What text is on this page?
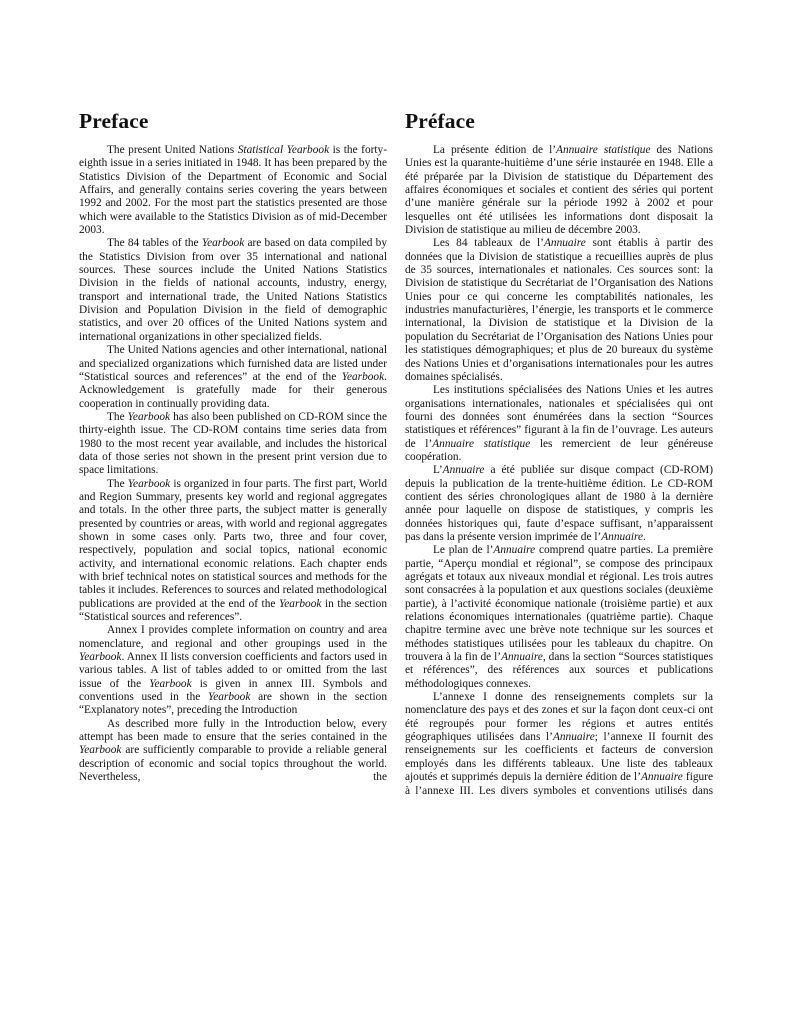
Preface

The present United Nations Statistical Yearbook is the forty-eighth issue in a series initiated in 1948. It has been prepared by the Statistics Division of the Department of Economic and Social Affairs, and generally contains series covering the years between 1992 and 2002. For the most part the statistics presented are those which were available to the Statistics Division as of mid-December 2003.

The 84 tables of the Yearbook are based on data compiled by the Statistics Division from over 35 international and national sources. These sources include the United Nations Statistics Division in the fields of national accounts, industry, energy, transport and international trade, the United Nations Statistics Division and Population Division in the field of demographic statistics, and over 20 offices of the United Nations system and international organizations in other specialized fields.

The United Nations agencies and other international, national and specialized organizations which furnished data are listed under “Statistical sources and references” at the end of the Yearbook. Acknowledgement is gratefully made for their generous cooperation in continually providing data.

The Yearbook has also been published on CD-ROM since the thirty-eighth issue. The CD-ROM contains time series data from 1980 to the most recent year available, and includes the historical data of those series not shown in the present print version due to space limitations.

The Yearbook is organized in four parts. The first part, World and Region Summary, presents key world and regional aggregates and totals. In the other three parts, the subject matter is generally presented by countries or areas, with world and regional aggregates shown in some cases only. Parts two, three and four cover, respectively, population and social topics, national economic activity, and international economic relations. Each chapter ends with brief technical notes on statistical sources and methods for the tables it includes. References to sources and related methodological publications are provided at the end of the Yearbook in the section “Statistical sources and references”.

Annex I provides complete information on country and area nomenclature, and regional and other groupings used in the Yearbook. Annex II lists conversion coefficients and factors used in various tables. A list of tables added to or omitted from the last issue of the Yearbook is given in annex III. Symbols and conventions used in the Yearbook are shown in the section “Explanatory notes”, preceding the Introduction

As described more fully in the Introduction below, every attempt has been made to ensure that the series contained in the Yearbook are sufficiently comparable to provide a reliable general description of economic and social topics throughout the world. Nevertheless, the

Préface

La présente édition de l’Annuaire statistique des Nations Unies est la quarante-huitième d’une série instaurée en 1948. Elle a été préparée par la Division de statistique du Département des affaires économiques et sociales et contient des séries qui portent d’une manière générale sur la période 1992 à 2002 et pour lesquelles ont été utilisées les informations dont disposait la Division de statistique au milieu de décembre 2003.

Les 84 tableaux de l’Annuaire sont établis à partir des données que la Division de statistique a recueillies auprès de plus de 35 sources, internationales et nationales. Ces sources sont: la Division de statistique du Secrétariat de l’Organisation des Nations Unies pour ce qui concerne les comptabilités nationales, les industries manufacturières, l’énergie, les transports et le commerce international, la Division de statistique et la Division de la population du Secrétariat de l’Organisation des Nations Unies pour les statistiques démographiques; et plus de 20 bureaux du système des Nations Unies et d’organisations internationales pour les autres domaines spécialisés.

Les institutions spécialisées des Nations Unies et les autres organisations internationales, nationales et spécialisées qui ont fourni des données sont énumérées dans la section “Sources statistiques et références” figurant à la fin de l’ouvrage. Les auteurs de l’Annuaire statistique les remercient de leur généreuse coopération.

L’Annuaire a été publiée sur disque compact (CD-ROM) depuis la publication de la trente-huitième édition. Le CD-ROM contient des séries chronologiques allant de 1980 à la dernière année pour laquelle on dispose de statistiques, y compris les données historiques qui, faute d’espace suffisant, n’apparaissent pas dans la présente version imprimée de l’Annuaire.

Le plan de l’Annuaire comprend quatre parties. La première partie, “Aperçu mondial et régional”, se compose des principaux agrégats et totaux aux niveaux mondial et régional. Les trois autres sont consacrées à la population et aux questions sociales (deuxième partie), à l’activité économique nationale (troisième partie) et aux relations économiques internationales (quatrième partie). Chaque chapitre termine avec une brève note technique sur les sources et méthodes statistiques utilisées pour les tableaux du chapitre. On trouvera à la fin de l’Annuaire, dans la section “Sources statistiques et références”, des références aux sources et publications méthodologiques connexes.

L’annexe I donne des renseignements complets sur la nomenclature des pays et des zones et sur la façon dont ceux-ci ont été regroupés pour former les régions et autres entités géographiques utilisées dans l’Annuaire; l’annexe II fournit des renseignements sur les coefficients et facteurs de conversion employés dans les différents tableaux. Une liste des tableaux ajoutés et supprimés depuis la dernière édition de l’Annuaire figure à l’annexe III. Les divers symboles et conventions utilisés dans
